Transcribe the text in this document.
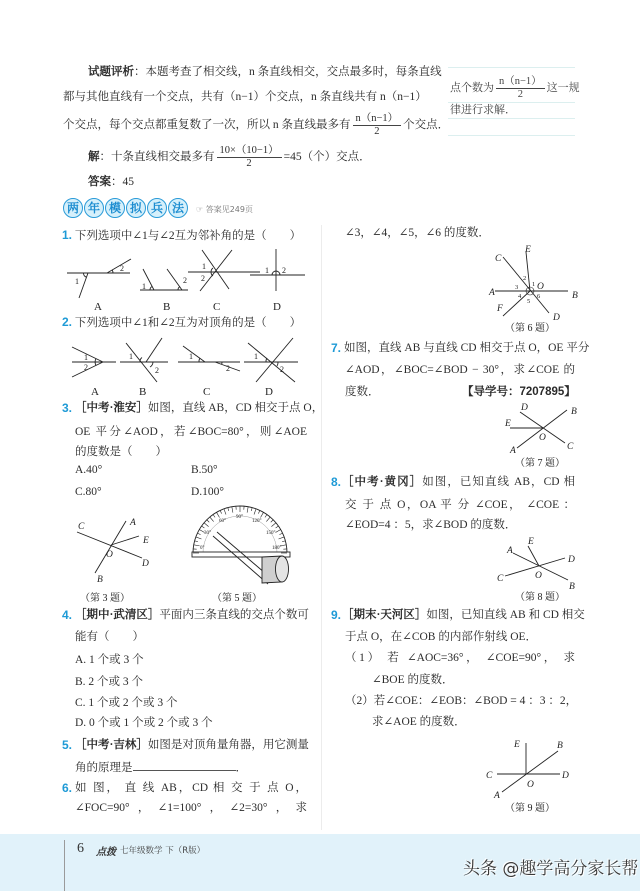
试题评析：本题考查了相交线，n 条直线相交，交点最多时，每条直线
都与其他直线有一个交点，共有（n−1）个交点，n 条直线共有 n（n−1）
个交点，每个交点都重复数了一次，所以 n 条直线最多有 $\frac{n(n-1)}{2}$ 个交点．
解：十条直线相交最多有 $\frac{10\times(10-1)}{2} =45$（个）交点．
答案：45
点个数为 $\frac{n(n-1)}{2}$ 这一规
律进行求解．
两 年 模 拟 兵 法	☞ 答案见249页
1. 下列选项中∠1与∠2互为邻补角的是（　　）
2. 下列选项中∠1和∠2互为对顶角的是（　　）
3. ［中考·淮安］如图，直线 AB，CD 相交于点 O，
OE 平分∠AOD，若∠BOC=80°，则∠AOE
的度数是（　　）
A.40°	B.50°
C.80°	D.100°
4. ［期中·武清区］平面内三条直线的交点个数可
能有（　　）
A. 1 个或 3 个
B. 2 个或 3 个
C. 1 个或 2 个或 3 个
D. 0 个或 1 个或 2 个或 3 个
5. ［中考·吉林］如图是对顶角量角器，用它测量
角的原理是	．
6. 如 图， 直 线 AB，CD 相 交 于 点 O，
∠FOC=90°，∠1=100°，∠2=30°，求
∠3，∠4，∠5，∠6 的度数．
7. 如图，直线 AB 与直线 CD 相交于点 O，OE 平分
∠AOD，∠BOC=∠BOD − 30°，求∠COE 的
度数．	【导学号：7207895】
8. ［中考·黄冈］如图，已知直线 AB，CD 相
交 于 点 O，OA 平 分 ∠COE， ∠COE ：
∠EOD=4 ：5，求∠BOD 的度数．
9. ［期末·天河区］如图，已知直线 AB 和 CD 相交
于点 O，在∠COB 的内部作射线 OE．
（1） 若 ∠AOC=36°， ∠COE=90°， 求
∠BOE 的度数．
（2）若∠COE：∠EOB：∠BOD = 4 ：3 ：2，
求∠AOE 的度数．
1
2
A
1
2
B
1
2
C
1 2
D
1
2
A
1
2
B
1
2
C
1
2
D
A
B
C
D
E
O
（第 3 题）
0°
30°
60°
90°
120°
150°
180°
（第 5 题）
A	B
C
D
E
F
O
1
2
3
4
5
6
（第 6 题）
A
B
C
D
E
O
（第 7 题）
A
B
C
D
E
O
（第 8 题）
A
B
C	D
E
O
（第 9 题）
6 点拨 七年级数学 下（R版）
头条 @趣学高分家长帮
